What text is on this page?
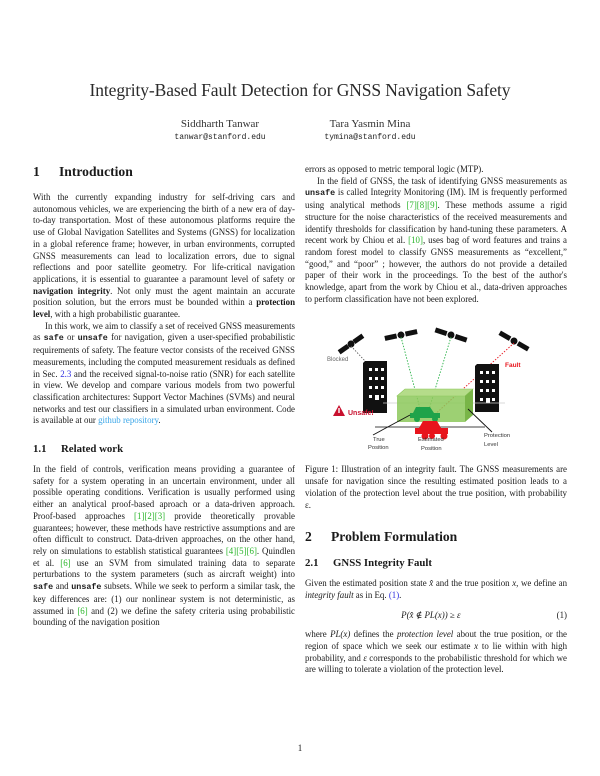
Integrity-Based Fault Detection for GNSS Navigation Safety
Siddharth Tanwar
tanwar@stanford.edu
Tara Yasmin Mina
tymina@stanford.edu
1 Introduction

With the currently expanding industry for self-driving cars and autonomous vehicles, we are experiencing the birth of a new era of day-to-day transportation. Most of these autonomous platforms require the use of Global Navigation Satellites and Systems (GNSS) for localization in a global reference frame; however, in urban environments, corrupted GNSS measurements can lead to localization errors, due to signal reflections and poor satellite geometry. For life-critical navigation applications, it is essential to guarantee a paramount level of safety or navigation integrity. Not only must the agent maintain an accurate position solution, but the errors must be bounded within a protection level, with a high probabilistic guarantee.

In this work, we aim to classify a set of received GNSS measurements as safe or unsafe for navigation, given a user-specified probabilistic requirements of safety. The feature vector consists of the received GNSS measurements, including the computed measurement residuals as defined in Sec. 2.3 and the received signal-to-noise ratio (SNR) for each satellite in view. We develop and compare various models from two powerful classification architectures: Support Vector Machines (SVMs) and neural networks and test our classifiers in a simulated urban environment. Code is available at our github repository.

1.1 Related work

In the field of controls, verification means providing a guarantee of safety for a system operating in an uncertain environment, under all possible operating conditions. Verification is usually performed using either an analytical proof-based aproach or a data-driven approach. Proof-based approaches [1][2][3] provide theoretically provable guarantees; however, these methods have restrictive assumptions and are often difficult to construct. Data-driven approaches, on the other hand, rely on simulations to establish statistical guarantees [4][5][6]. Quindlen et al. [6] use an SVM from simulated training data to separate perturbations to the system parameters (such as aircraft weight) into safe and unsafe subsets. While we seek to perform a similar task, the key differences are: (1) our nonlinear system is not deterministic, as assumed in [6] and (2) we define the safety criteria using probabilistic bounding of the navigation position

errors as opposed to metric temporal logic (MTP).

In the field of GNSS, the task of identifying GNSS measurements as unsafe is called Integrity Monitoring (IM). IM is frequently performed using analytical methods [7][8][9]. These methods assume a rigid structure for the noise characteristics of the received measurements and identify thresholds for classification by hand-tuning these parameters. A recent work by Chiou et al. [10], uses bag of word features and trains a random forest model to classify GNSS measurements as “excellent,” “good,” and “poor” ; however, the authors do not provide a detailed paper of their work in the proceedings. To the best of the author's knowledge, apart from the work by Chiou et al., data-driven approaches to perform classification have not been explored.

Unsafe!
Blocked
Fault
True
Position
Estimated
Position
Protection
Level

Figure 1: Illustration of an integrity fault. The GNSS measurements are unsafe for navigation since the resulting estimated position leads to a violation of the protection level about the true position, with probability ε.

2 Problem Formulation
2.1 GNSS Integrity Fault

Given the estimated position state x̂ and the true position x, we define an integrity fault as in Eq. (1).

P(x̂ ∉ PL(x)) ≥ ε	(1)

where PL(x) defines the protection level about the true position, or the region of space which we seek our estimate x to lie within with high probability, and ε corresponds to the probabilistic threshold for which we are willing to tolerate a violation of the protection level.

1
